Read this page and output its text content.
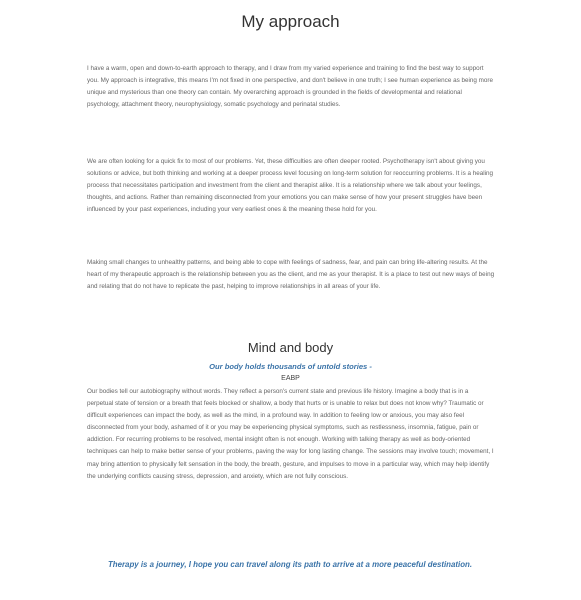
My approach

I have a warm, open and down-to-earth approach to therapy, and I draw from my varied experience and training to find the best way to support you. My approach is integrative, this means I'm not fixed in one perspective, and don't believe in one truth; I see human experience as being more unique and mysterious than one theory can contain. My overarching approach is grounded in the fields of developmental and relational psychology, attachment theory, neurophysiology, somatic psychology and perinatal studies.

We are often looking for a quick fix to most of our problems. Yet, these difficulties are often deeper rooted. Psychotherapy isn't about giving you solutions or advice, but both thinking and working at a deeper process level focusing on long-term solution for reoccurring problems. It is a healing process that necessitates participation and investment from the client and therapist alike. It is a relationship where we talk about your feelings, thoughts, and actions. Rather than remaining disconnected from your emotions you can make sense of how your present struggles have been influenced by your past experiences, including your very earliest ones & the meaning these hold for you.

Making small changes to unhealthy patterns, and being able to cope with feelings of sadness, fear, and pain can bring life-altering results. At the heart of my therapeutic approach is the relationship between you as the client, and me as your therapist. It is a place to test out new ways of being and relating that do not have to replicate the past, helping to improve relationships in all areas of your life.

Mind and body
Our body holds thousands of untold stories -
EABP

Our bodies tell our autobiography without words. They reflect a person's current state and previous life history. Imagine a body that is in a perpetual state of tension or a breath that feels blocked or shallow, a body that hurts or is unable to relax but does not know why? Traumatic or difficult experiences can impact the body, as well as the mind, in a profound way. In addition to feeling low or anxious, you may also feel disconnected from your body, ashamed of it or you may be experiencing physical symptoms, such as restlessness, insomnia, fatigue, pain or addiction. For recurring problems to be resolved, mental insight often is not enough. Working with talking therapy as well as body-oriented techniques can help to make better sense of your problems, paving the way for long lasting change. The sessions may involve touch; movement, I may bring attention to physically felt sensation in the body, the breath, gesture, and impulses to move in a particular way, which may help identify the underlying conflicts causing stress, depression, and anxiety, which are not fully conscious.

Therapy is a journey, I hope you can travel along its path to arrive at a more peaceful destination.
